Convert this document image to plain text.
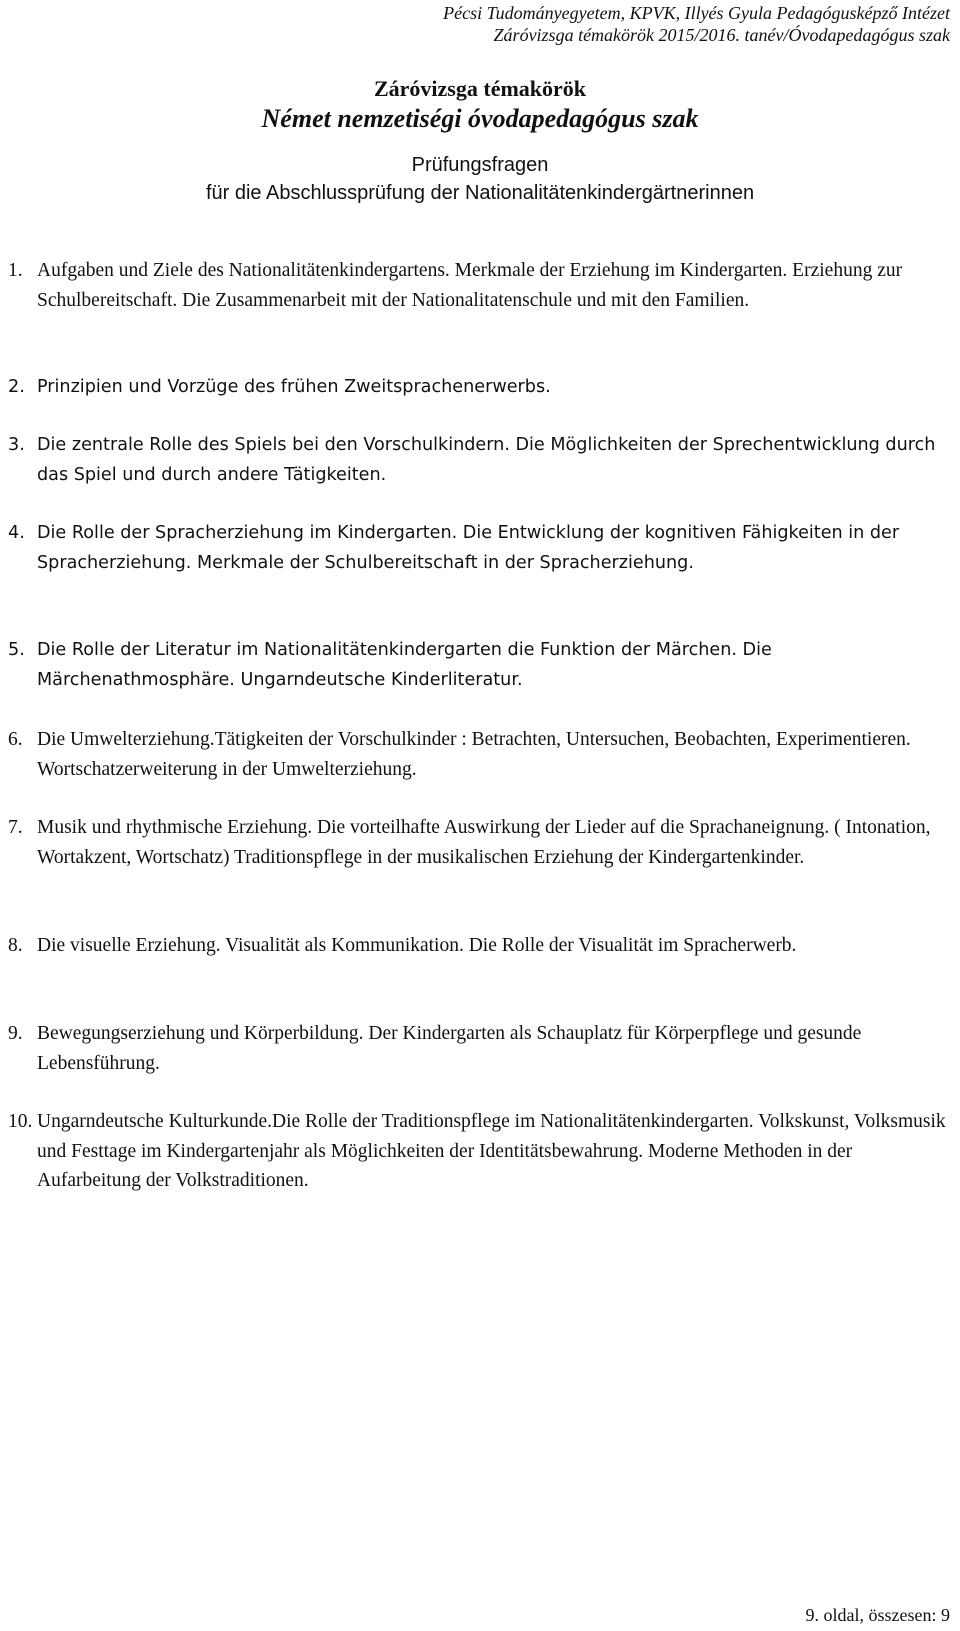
Pécsi Tudományegyetem, KPVK, Illyés Gyula Pedagógusképző Intézet
Záróvizsga témakörök 2015/2016. tanév/Óvodapedagógus szak
Záróvizsga témakörök
Német nemzetiségi óvodapedagógus szak
Prüfungsfragen
für die Abschlussprüfung der Nationalitätenkindergärtnerinnen
1. Aufgaben und Ziele des Nationalitätenkindergartens. Merkmale der Erziehung im Kindergarten. Erziehung zur Schulbereitschaft. Die Zusammenarbeit mit der Nationalitatenschule und mit den Familien.
2. Prinzipien und Vorzüge des frühen Zweitsprachenerwerbs.
3. Die zentrale Rolle des Spiels bei den Vorschulkindern. Die Möglichkeiten der Sprechentwicklung durch das Spiel und durch andere Tätigkeiten.
4. Die Rolle der Spracherziehung im Kindergarten. Die Entwicklung der kognitiven Fähigkeiten in der Spracherziehung. Merkmale der Schulbereitschaft in der Spracherziehung.
5. Die Rolle der Literatur im Nationalitätenkindergarten die Funktion der Märchen. Die Märchenathmosphäre. Ungarndeutsche Kinderliteratur.
6. Die Umwelterziehung.Tätigkeiten der Vorschulkinder : Betrachten, Untersuchen, Beobachten, Experimentieren. Wortschatzerweiterung in der Umwelterziehung.
7. Musik und rhythmische Erziehung. Die vorteilhafte Auswirkung der Lieder auf die Sprachaneignung. ( Intonation, Wortakzent, Wortschatz) Traditionspflege in der musikalischen Erziehung der Kindergartenkinder.
8. Die visuelle Erziehung. Visualität als Kommunikation. Die Rolle der Visualität im Spracherwerb.
9. Bewegungserziehung und Körperbildung. Der Kindergarten als Schauplatz für Körperpflege und gesunde Lebensführung.
10. Ungarndeutsche Kulturkunde.Die Rolle der Traditionspflege im Nationalitätenkindergarten. Volkskunst, Volksmusik und Festtage im Kindergartenjahr als Möglichkeiten der Identitätsbewahrung. Moderne Methoden in der Aufarbeitung der Volkstraditionen.
9. oldal, összesen: 9
